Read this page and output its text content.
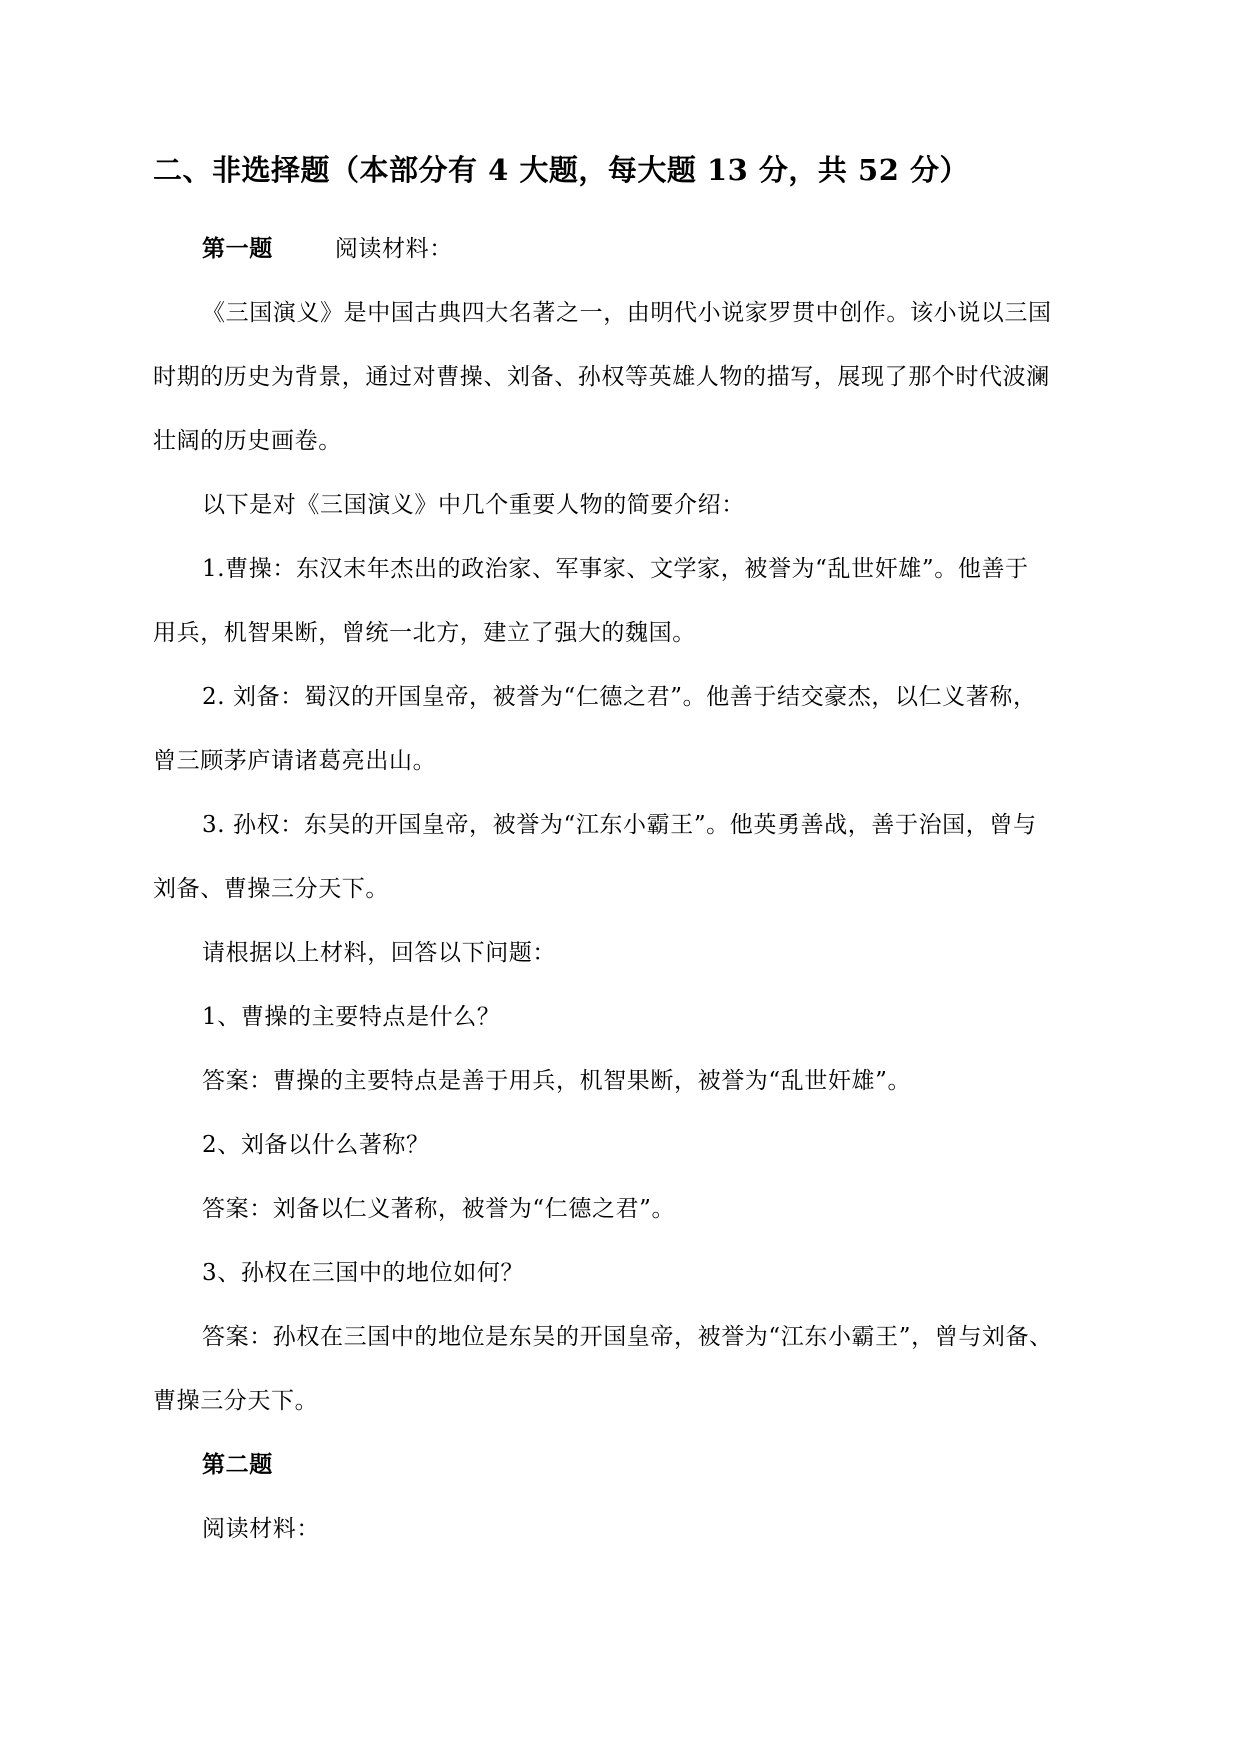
二、非选择题（本部分有 4 大题，每大题 13 分，共 52 分）
第一题	阅读材料：
《三国演义》是中国古典四大名著之一，由明代小说家罗贯中创作。该小说以三国
时期的历史为背景，通过对曹操、刘备、孙权等英雄人物的描写，展现了那个时代波澜
壮阔的历史画卷。
以下是对《三国演义》中几个重要人物的简要介绍：
1.曹操：东汉末年杰出的政治家、军事家、文学家，被誉为“乱世奸雄”。他善于
用兵，机智果断，曾统一北方，建立了强大的魏国。
2. 刘备：蜀汉的开国皇帝，被誉为“仁德之君”。他善于结交豪杰，以仁义著称，
曾三顾茅庐请诸葛亮出山。
3. 孙权：东吴的开国皇帝，被誉为“江东小霸王”。他英勇善战，善于治国，曾与
刘备、曹操三分天下。
请根据以上材料，回答以下问题：
1、曹操的主要特点是什么？
答案：曹操的主要特点是善于用兵，机智果断，被誉为“乱世奸雄”。
2、刘备以什么著称？
答案：刘备以仁义著称，被誉为“仁德之君”。
3、孙权在三国中的地位如何？
答案：孙权在三国中的地位是东吴的开国皇帝，被誉为“江东小霸王”，曾与刘备、
曹操三分天下。
第二题
阅读材料：
